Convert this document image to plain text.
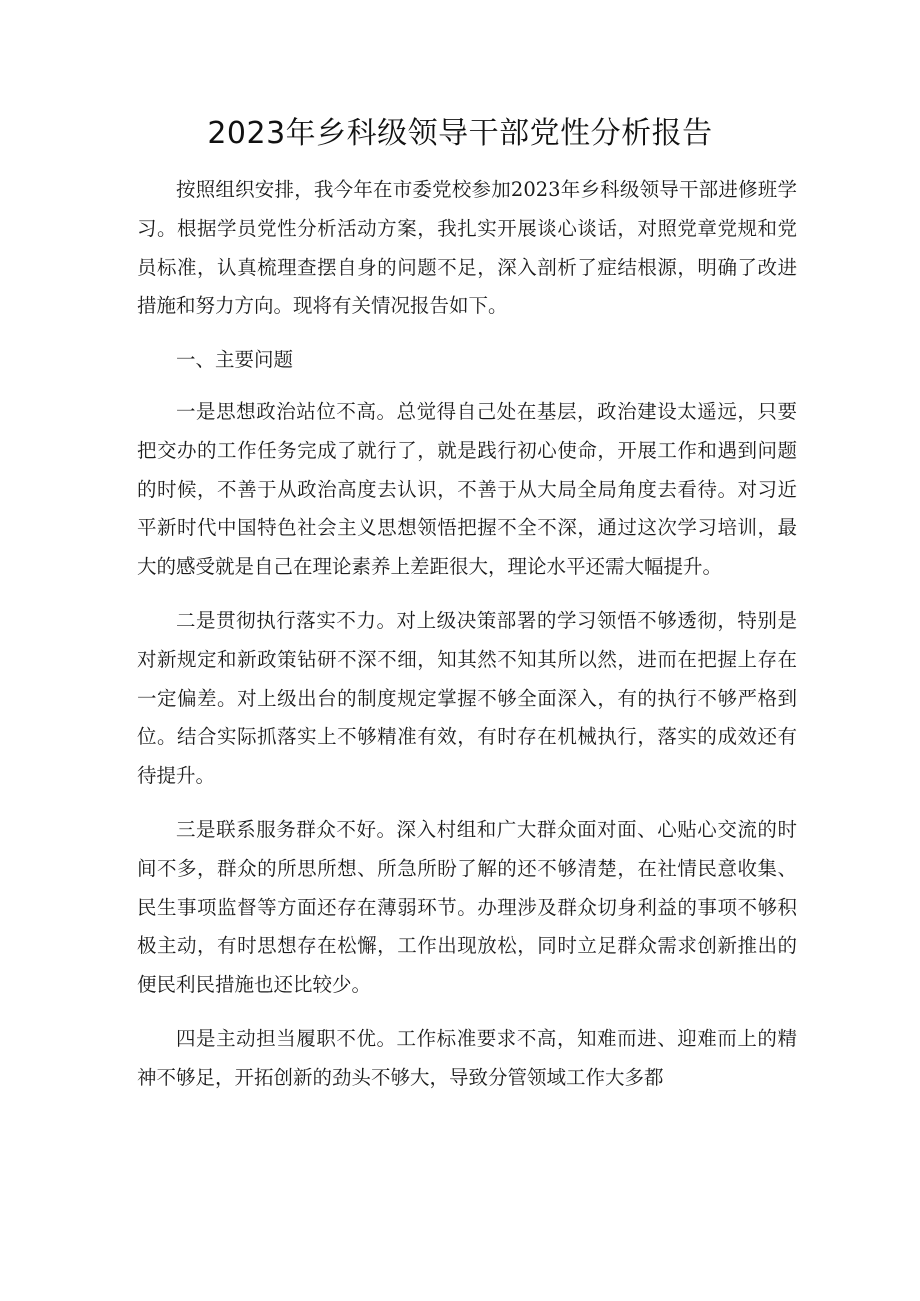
2023年乡科级领导干部党性分析报告

按照组织安排，我今年在市委党校参加2023年乡科级领导干部进修班学习。根据学员党性分析活动方案，我扎实开展谈心谈话，对照党章党规和党员标准，认真梳理查摆自身的问题不足，深入剖析了症结根源，明确了改进措施和努力方向。现将有关情况报告如下。

一、主要问题

一是思想政治站位不高。总觉得自己处在基层，政治建设太遥远，只要把交办的工作任务完成了就行了，就是践行初心使命，开展工作和遇到问题的时候，不善于从政治高度去认识，不善于从大局全局角度去看待。对习近平新时代中国特色社会主义思想领悟把握不全不深，通过这次学习培训，最大的感受就是自己在理论素养上差距很大，理论水平还需大幅提升。

二是贯彻执行落实不力。对上级决策部署的学习领悟不够透彻，特别是对新规定和新政策钻研不深不细，知其然不知其所以然，进而在把握上存在一定偏差。对上级出台的制度规定掌握不够全面深入，有的执行不够严格到位。结合实际抓落实上不够精准有效，有时存在机械执行，落实的成效还有待提升。

三是联系服务群众不好。深入村组和广大群众面对面、心贴心交流的时间不多，群众的所思所想、所急所盼了解的还不够清楚，在社情民意收集、民生事项监督等方面还存在薄弱环节。办理涉及群众切身利益的事项不够积极主动，有时思想存在松懈，工作出现放松，同时立足群众需求创新推出的便民利民措施也还比较少。

四是主动担当履职不优。工作标准要求不高，知难而进、迎难而上的精神不够足，开拓创新的劲头不够大，导致分管领域工作大多都
